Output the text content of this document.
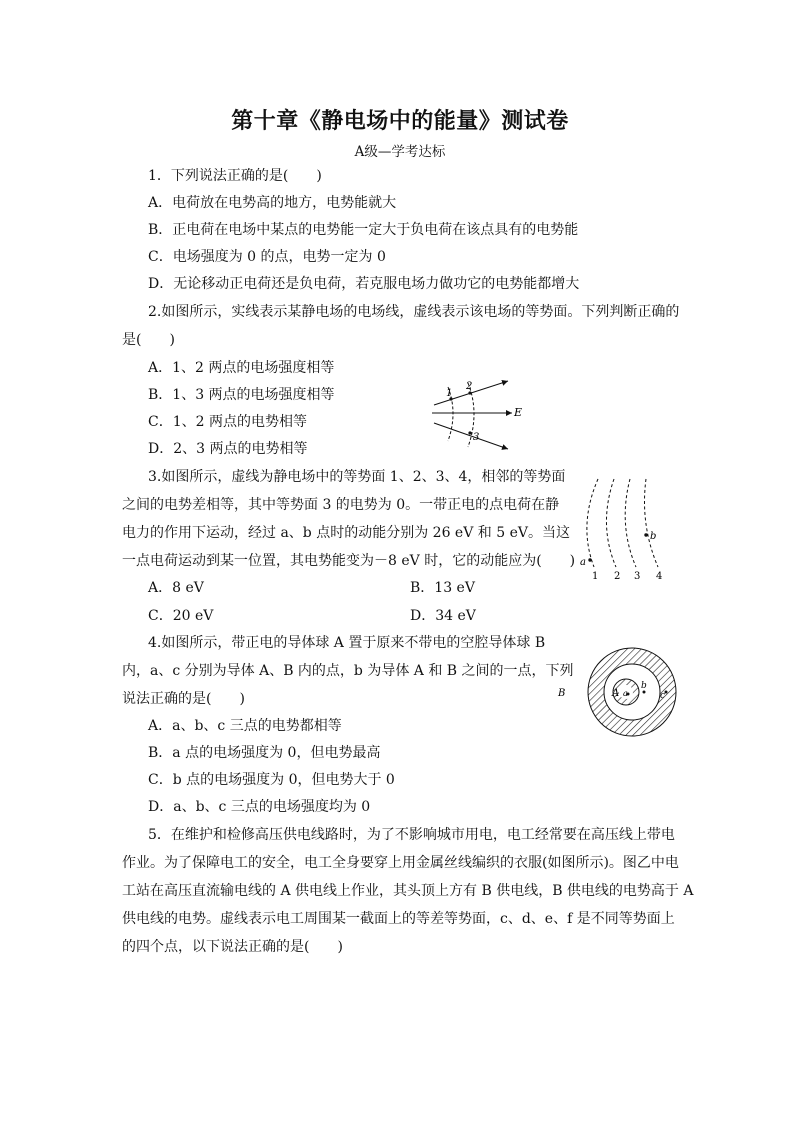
第十章《静电场中的能量》测试卷
A级—学考达标
1．下列说法正确的是(　　)
A．电荷放在电势高的地方，电势能就大
B．正电荷在电场中某点的电势能一定大于负电荷在该点具有的电势能
C．电场强度为 0 的点，电势一定为 0
D．无论移动正电荷还是负电荷，若克服电场力做功它的电势能都增大
2.如图所示，实线表示某静电场的电场线，虚线表示该电场的等势面。下列判断正确的
是(　　)
A．1、2 两点的电场强度相等
B．1、3 两点的电场强度相等
C．1、2 两点的电势相等
D．2、3 两点的电势相等
1
2
3
E
3.如图所示，虚线为静电场中的等势面 1、2、3、4，相邻的等势面
之间的电势差相等，其中等势面 3 的电势为 0。一带正电的点电荷在静
电力的作用下运动，经过 a、b 点时的动能分别为 26 eV 和 5 eV。当这
一点电荷运动到某一位置，其电势能变为－8 eV 时，它的动能应为(　　)
A．8 eV	B．13 eV
C．20 eV	D．34 eV
a
b
1 2 3 4
4.如图所示，带正电的导体球 A 置于原来不带电的空腔导体球 B
内，a、c 分别为导体 A、B 内的点，b 为导体 A 和 B 之间的一点，下列
说法正确的是(　　)
A．a、b、c 三点的电势都相等
B．a 点的电场强度为 0，但电势最高
C．b 点的电场强度为 0，但电势大于 0
D．a、b、c 三点的电场强度均为 0
B	A a
b
c
5．在维护和检修高压供电线路时，为了不影响城市用电，电工经常要在高压线上带电
作业。为了保障电工的安全，电工全身要穿上用金属丝线编织的衣服(如图所示)。图乙中电
工站在高压直流输电线的 A 供电线上作业，其头顶上方有 B 供电线，B 供电线的电势高于 A
供电线的电势。虚线表示电工周围某一截面上的等差等势面，c、d、e、f 是不同等势面上
的四个点，以下说法正确的是(　　)
